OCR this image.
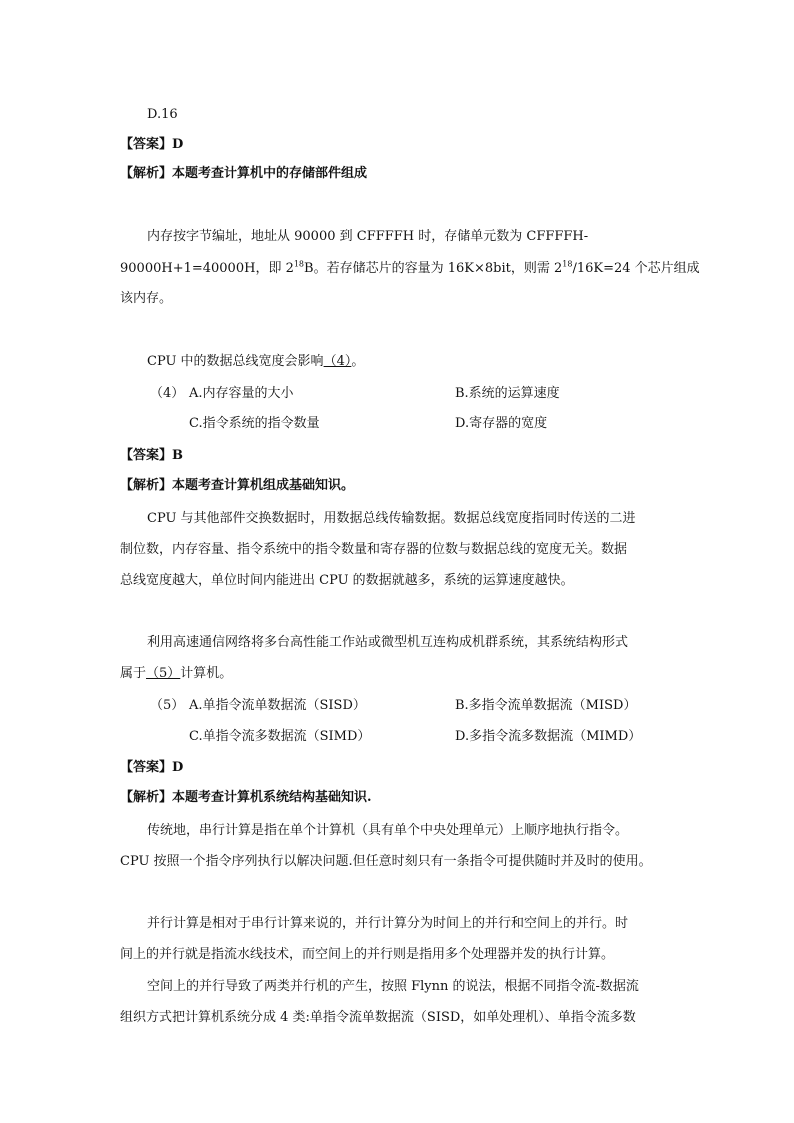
D.16
【答案】D
【解析】本题考查计算机中的存储部件组成
内存按字节编址，地址从 90000 到 CFFFFH 时，存储单元数为 CFFFFH-
90000H+1=40000H，即 $2^{18}B$。若存储芯片的容量为 16K×8bit，则需 $2^{18}/16K=24$ 个芯片组成
该内存。
CPU 中的数据总线宽度会影响（4）。
（4） A.内存容量的大小	B.系统的运算速度
C.指令系统的指令数量	D.寄存器的宽度
【答案】B
【解析】本题考查计算机组成基础知识。
CPU 与其他部件交换数据时，用数据总线传输数据。数据总线宽度指同时传送的二进
制位数，内存容量、指令系统中的指令数量和寄存器的位数与数据总线的宽度无关。数据
总线宽度越大，单位时间内能进出 CPU 的数据就越多，系统的运算速度越快。
利用高速通信网络将多台高性能工作站或微型机互连构成机群系统，其系统结构形式
属于（5）计算机。
（5） A.单指令流单数据流（SISD）	B.多指令流单数据流（MISD）
C.单指令流多数据流（SIMD）	D.多指令流多数据流（MIMD）
【答案】D
【解析】本题考查计算机系统结构基础知识.
传统地，串行计算是指在单个计算机（具有单个中央处理单元）上顺序地执行指令。
CPU 按照一个指令序列执行以解决问题.但任意时刻只有一条指令可提供随时并及时的使用。
并行计算是相对于串行计算来说的，并行计算分为时间上的并行和空间上的并行。时
间上的并行就是指流水线技术，而空间上的并行则是指用多个处理器并发的执行计算。
空间上的并行导致了两类并行机的产生，按照 Flynn 的说法，根据不同指令流-数据流
组织方式把计算机系统分成 4 类:单指令流单数据流（SISD，如单处理机）、单指令流多数
